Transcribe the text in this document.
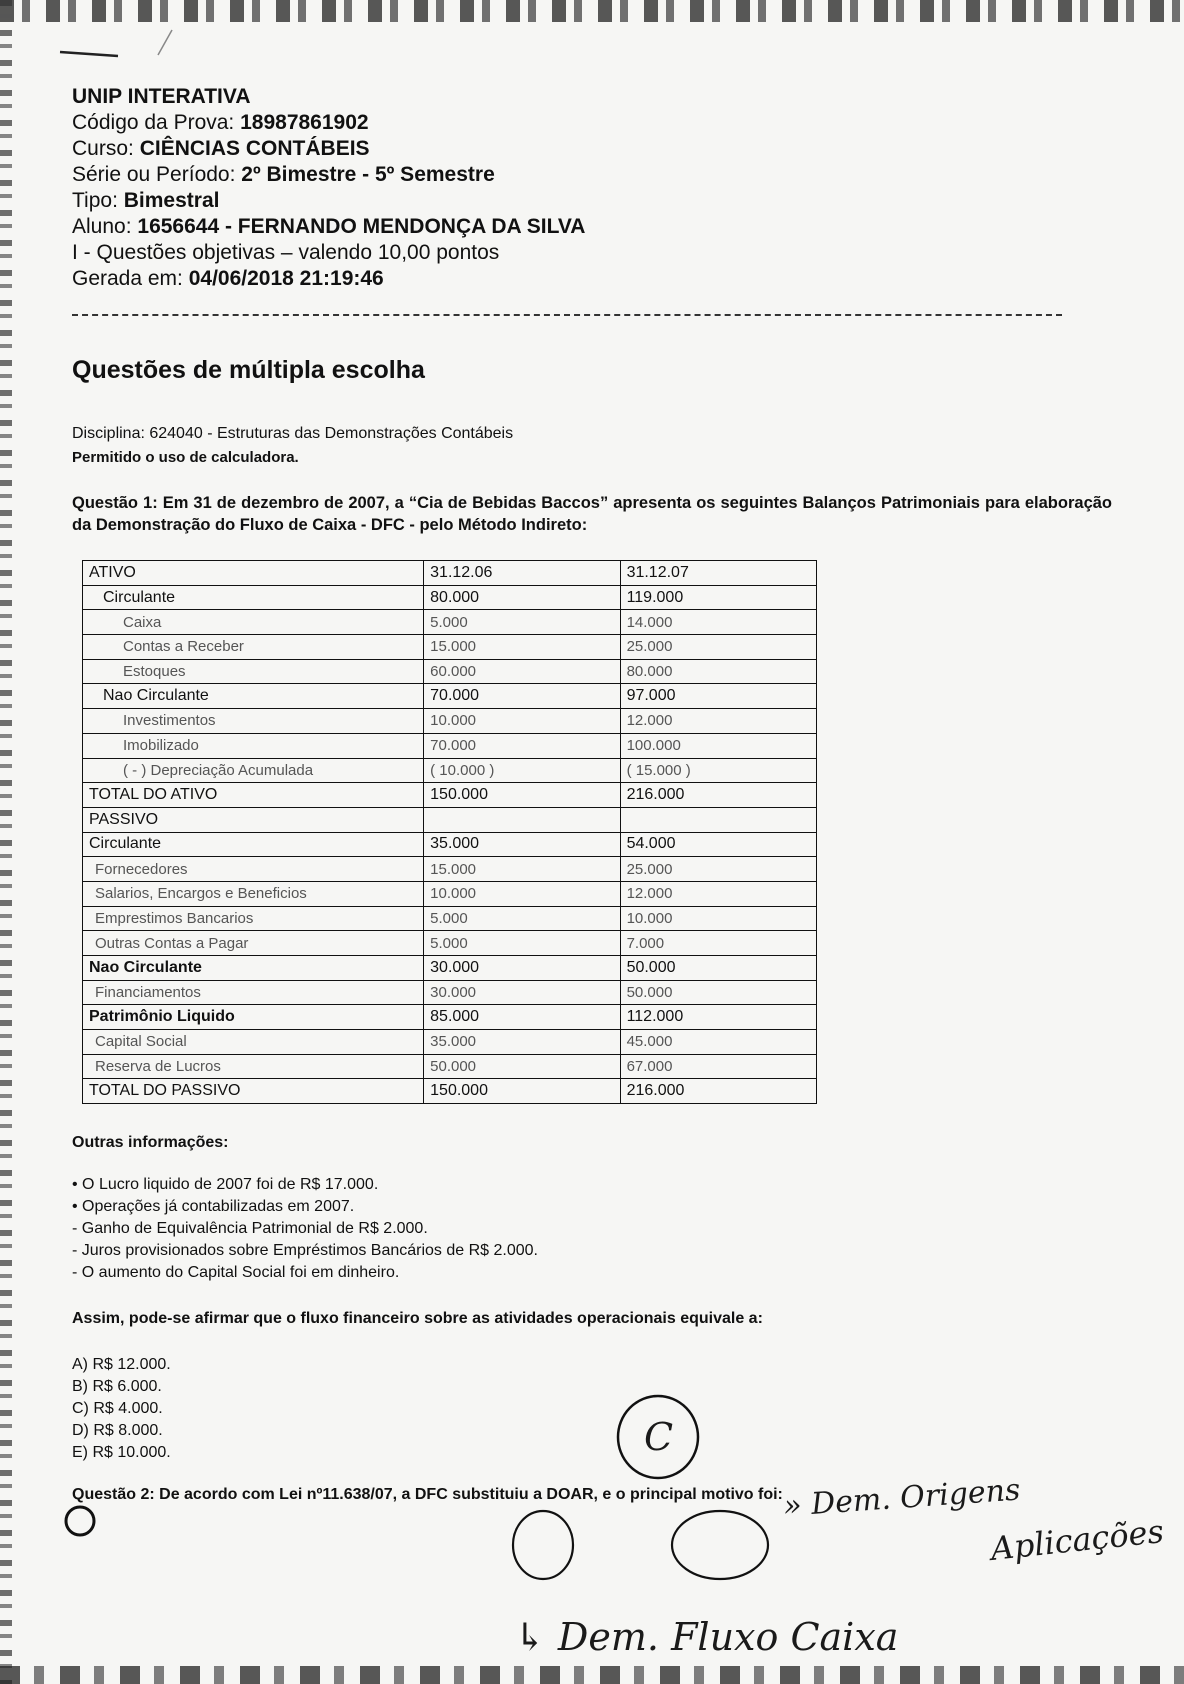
UNIP INTERATIVA
Código da Prova: 18987861902
Curso: CIÊNCIAS CONTÁBEIS
Série ou Período: 2º Bimestre - 5º Semestre
Tipo: Bimestral
Aluno: 1656644 - FERNANDO MENDONÇA DA SILVA
I - Questões objetivas – valendo 10,00 pontos
Gerada em: 04/06/2018 21:19:46
Questões de múltipla escolha
Disciplina: 624040 - Estruturas das Demonstrações Contábeis
Permitido o uso de calculadora.
Questão 1: Em 31 de dezembro de 2007, a “Cia de Bebidas Baccos” apresenta os seguintes Balanços Patrimoniais para elaboração da Demonstração do Fluxo de Caixa - DFC - pelo Método Indireto:
ATIVO	31.12.06	31.12.07
Circulante	80.000	119.000
Caixa	5.000	14.000
Contas a Receber	15.000	25.000
Estoques	60.000	80.000
Nao Circulante	70.000	97.000
Investimentos	10.000	12.000
Imobilizado	70.000	100.000
( - ) Depreciação Acumulada	( 10.000 )	( 15.000 )
TOTAL DO ATIVO	150.000	216.000
PASSIVO		
Circulante	35.000	54.000
Fornecedores	15.000	25.000
Salarios, Encargos e Beneficios	10.000	12.000
Emprestimos Bancarios	5.000	10.000
Outras Contas a Pagar	5.000	7.000
Nao Circulante	30.000	50.000
Financiamentos	30.000	50.000
Patrimônio Liquido	85.000	112.000
Capital Social	35.000	45.000
Reserva de Lucros	50.000	67.000
TOTAL DO PASSIVO	150.000	216.000
Outras informações:
• O Lucro liquido de 2007 foi de R$ 17.000.
• Operações já contabilizadas em 2007.
- Ganho de Equivalência Patrimonial de R$ 2.000.
- Juros provisionados sobre Empréstimos Bancários de R$ 2.000.
- O aumento do Capital Social foi em dinheiro.
Assim, pode-se afirmar que o fluxo financeiro sobre as atividades operacionais equivale a:
A) R$ 12.000.
B) R$ 6.000.
C) R$ 4.000.
D) R$ 8.000.
E) R$ 10.000.
Questão 2: De acordo com Lei nº11.638/07, a DFC substituiu a DOAR, e o principal motivo foi:
C
» Dem. Origens
Aplicações
↳ Dem. Fluxo Caixa
